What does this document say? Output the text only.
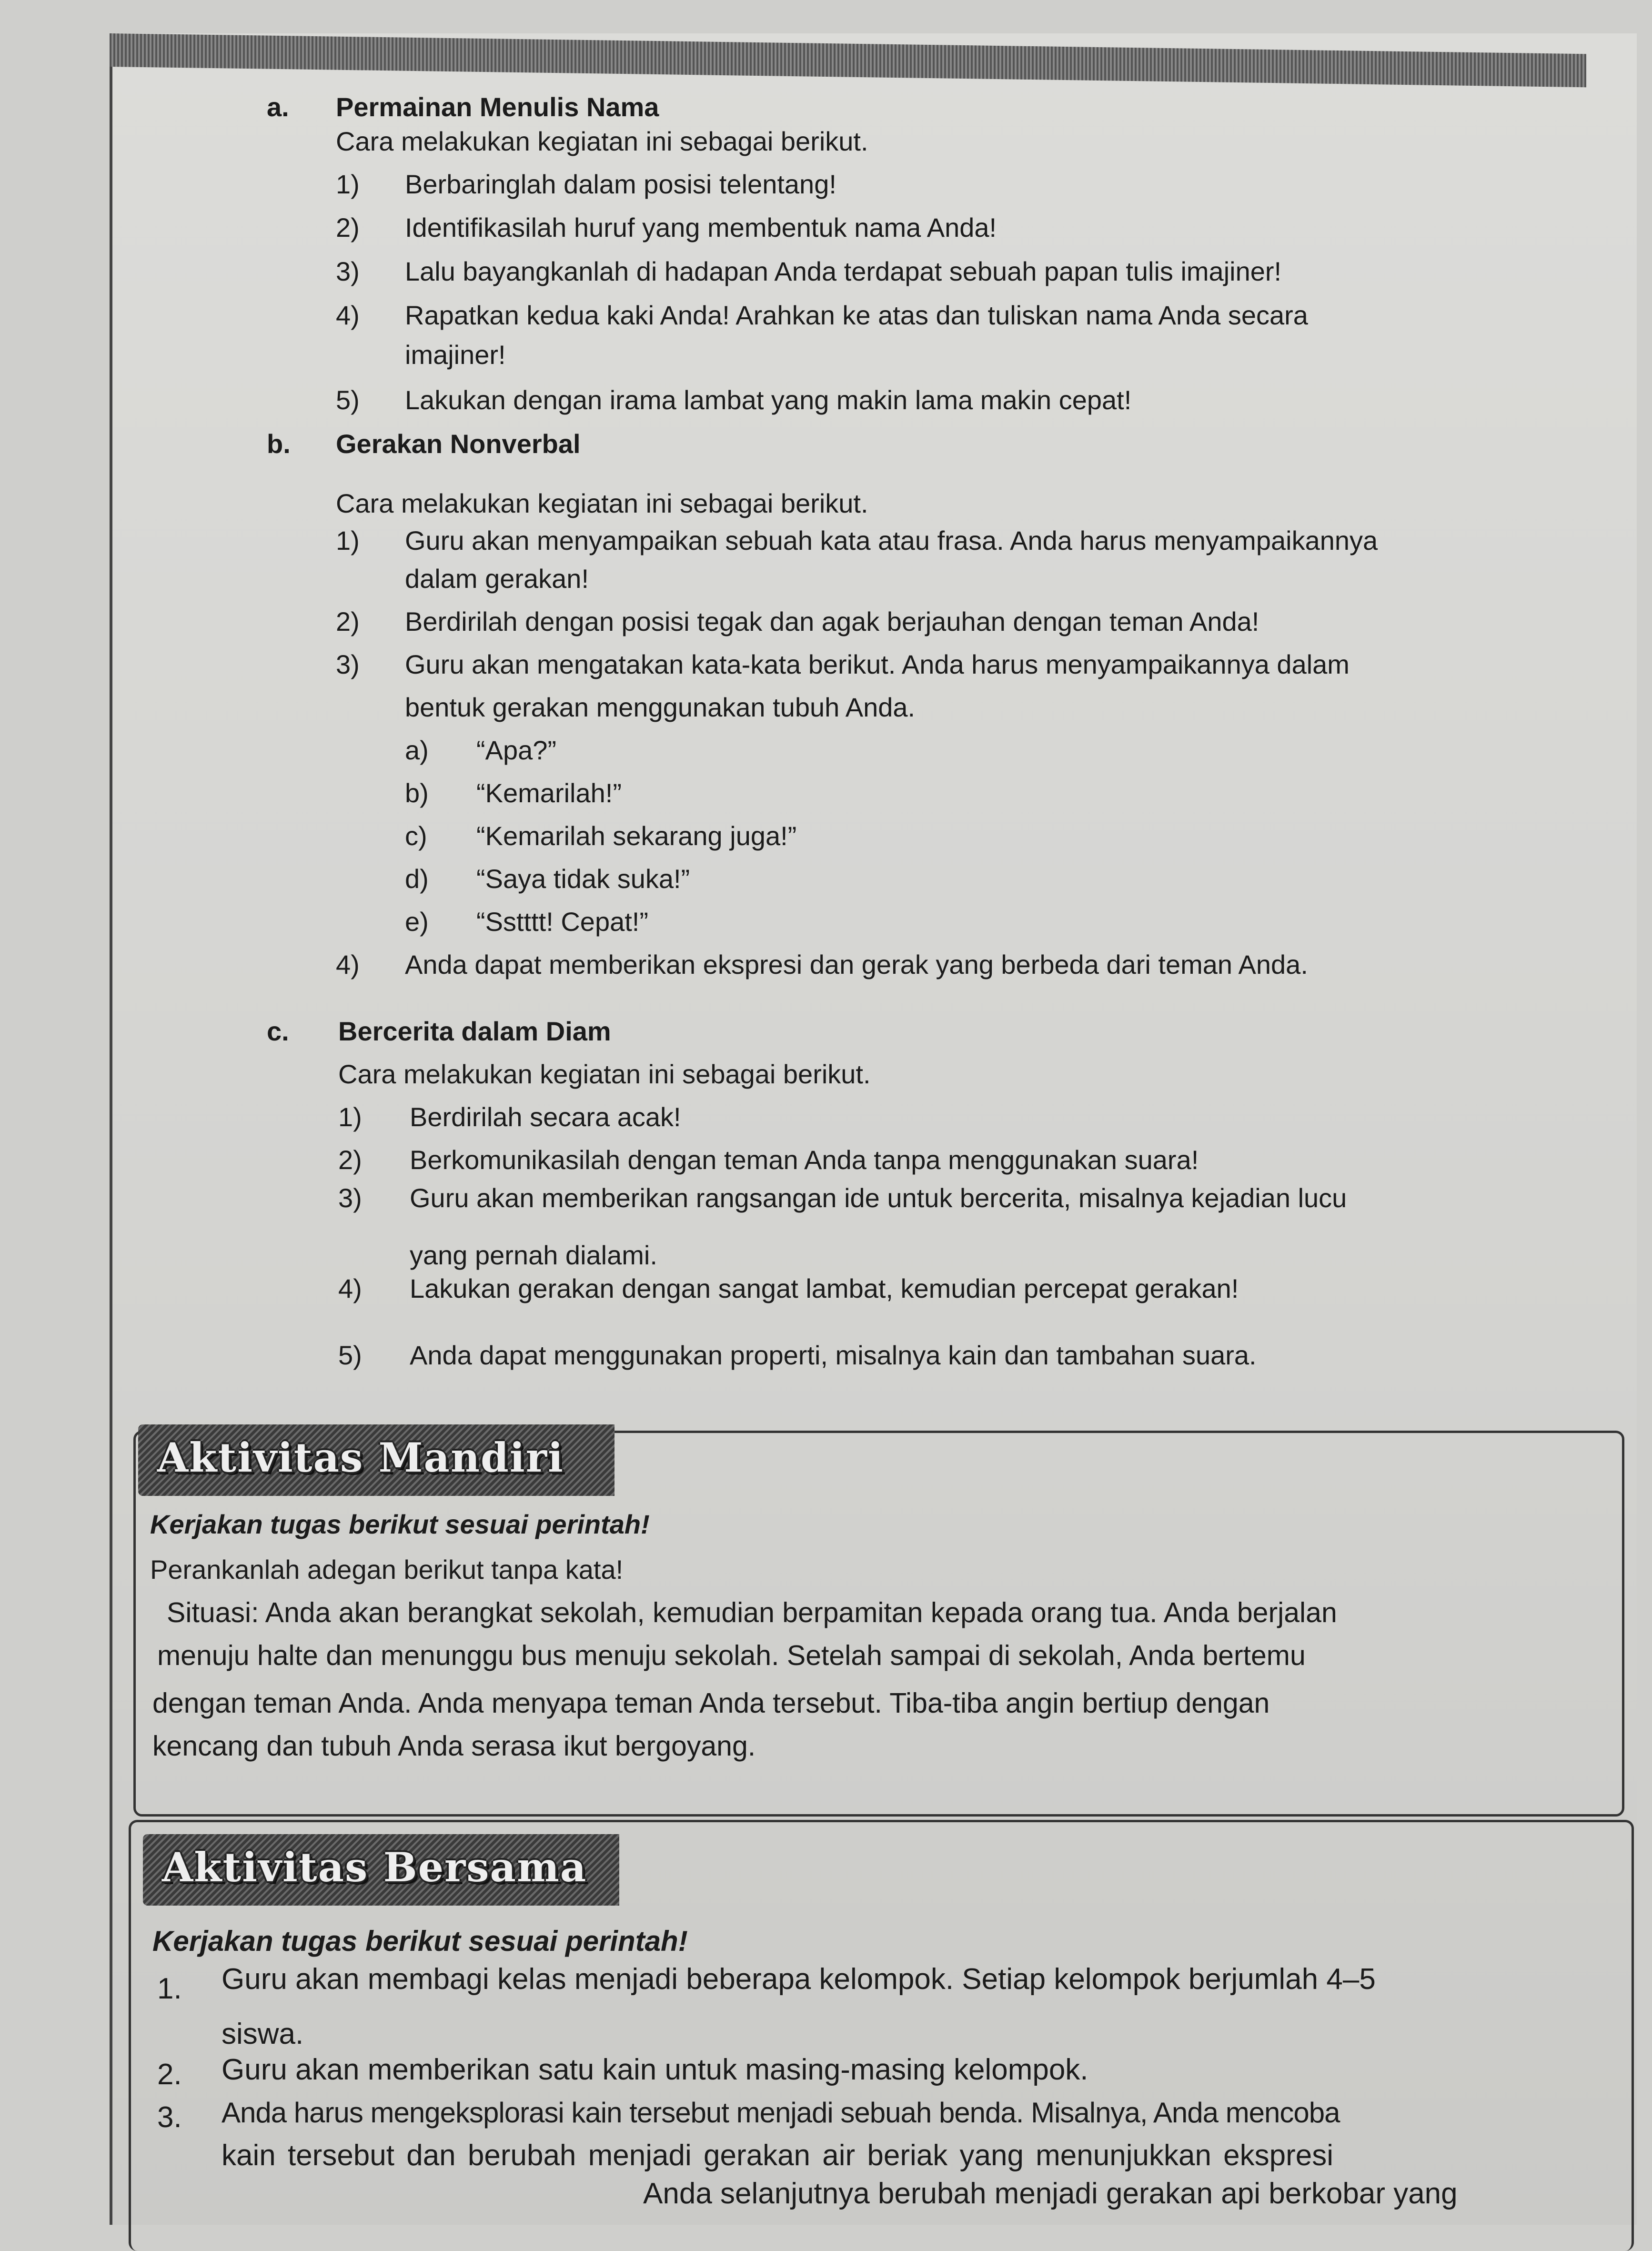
a. Permainan Menulis Nama
Cara melakukan kegiatan ini sebagai berikut.
1) Berbaringlah dalam posisi telentang!
2) Identifikasilah huruf yang membentuk nama Anda!
3) Lalu bayangkanlah di hadapan Anda terdapat sebuah papan tulis imajiner!
4) Rapatkan kedua kaki Anda! Arahkan ke atas dan tuliskan nama Anda secara
imajiner!
5) Lakukan dengan irama lambat yang makin lama makin cepat!
b. Gerakan Nonverbal
Cara melakukan kegiatan ini sebagai berikut.
1) Guru akan menyampaikan sebuah kata atau frasa. Anda harus menyampaikannya
dalam gerakan!
2) Berdirilah dengan posisi tegak dan agak berjauhan dengan teman Anda!
3) Guru akan mengatakan kata-kata berikut. Anda harus menyampaikannya dalam
bentuk gerakan menggunakan tubuh Anda.
a) “Apa?”
b) “Kemarilah!”
c) “Kemarilah sekarang juga!”
d) “Saya tidak suka!”
e) “Sstttt! Cepat!”
4) Anda dapat memberikan ekspresi dan gerak yang berbeda dari teman Anda.
c. Bercerita dalam Diam
Cara melakukan kegiatan ini sebagai berikut.
1) Berdirilah secara acak!
2) Berkomunikasilah dengan teman Anda tanpa menggunakan suara!
3) Guru akan memberikan rangsangan ide untuk bercerita, misalnya kejadian lucu
yang pernah dialami.
4) Lakukan gerakan dengan sangat lambat, kemudian percepat gerakan!
5) Anda dapat menggunakan properti, misalnya kain dan tambahan suara.
Aktivitas Mandiri
Kerjakan tugas berikut sesuai perintah!
Perankanlah adegan berikut tanpa kata!
Situasi: Anda akan berangkat sekolah, kemudian berpamitan kepada orang tua. Anda berjalan
menuju halte dan menunggu bus menuju sekolah. Setelah sampai di sekolah, Anda bertemu
dengan teman Anda. Anda menyapa teman Anda tersebut. Tiba-tiba angin bertiup dengan
kencang dan tubuh Anda serasa ikut bergoyang.
Aktivitas Bersama
Kerjakan tugas berikut sesuai perintah!
1. Guru akan membagi kelas menjadi beberapa kelompok. Setiap kelompok berjumlah 4–5
siswa.
2. Guru akan memberikan satu kain untuk masing-masing kelompok.
3. Anda harus mengeksplorasi kain tersebut menjadi sebuah benda. Misalnya, Anda mencoba
kain tersebut dan berubah menjadi gerakan air beriak yang menunjukkan ekspresi
Anda selanjutnya berubah menjadi gerakan api berkobar yang
